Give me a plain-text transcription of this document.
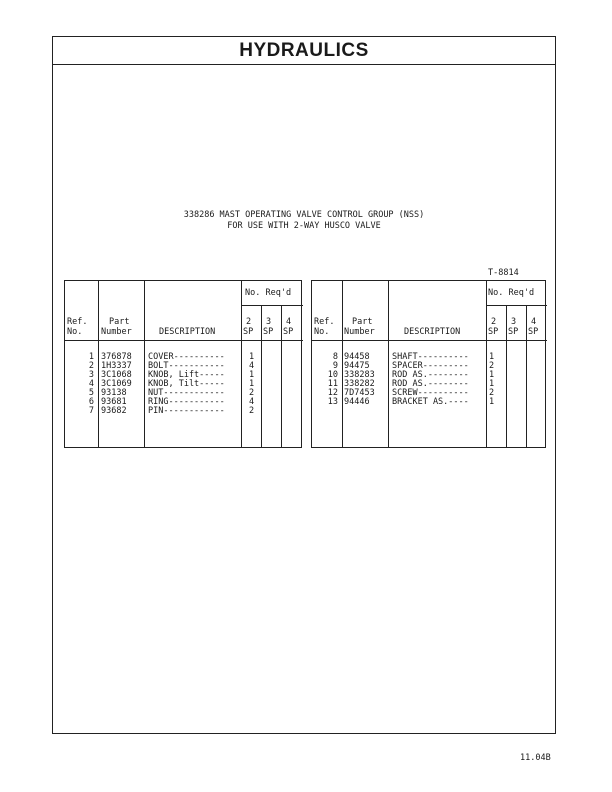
HYDRAULICS
338286 MAST OPERATING VALVE CONTROL GROUP (NSS)
FOR USE WITH 2-WAY HUSCO VALVE
T-8814
No. Req'd
Ref.
No.
Part
Number	DESCRIPTION
2
SP
3
SP
4
SP
1 376878 COVER----------	1
2 1H3337 BOLT-----------	4
3 3C1068 KNOB, Lift-----	1
4 3C1069 KNOB, Tilt-----	1
5 93138	NUT------------	2
6 93681	RING-----------	4
7 93682	PIN------------	2
No. Req'd
Ref.
No.
Part
Number	DESCRIPTION
2
SP
3
SP
4
SP
8 94458	SHAFT---------- 1
9 94475	SPACER--------- 2
10 338283 ROD AS.-------- 1
11 338282 ROD AS.-------- 1
12 7D7453 SCREW---------- 2
13 94446	BRACKET AS.---- 1
11.04B
